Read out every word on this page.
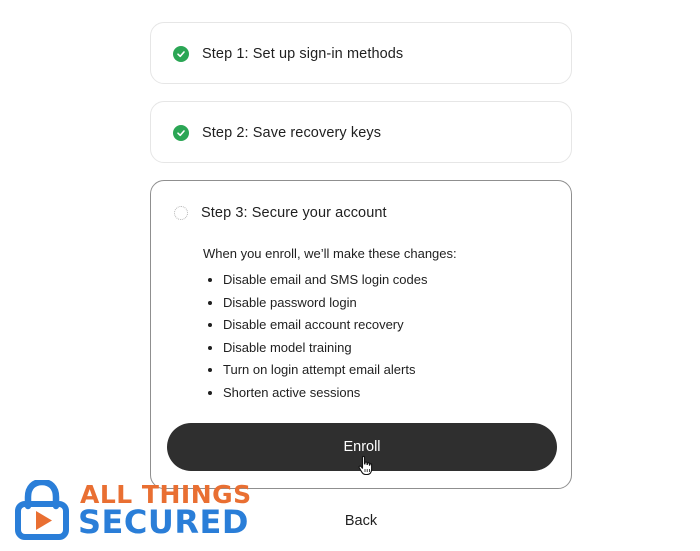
Step 1: Set up sign-in methods
Step 2: Save recovery keys
Step 3: Secure your account

When you enroll, we’ll make these changes:

• Disable email and SMS login codes
• Disable password login
• Disable email account recovery
• Disable model training
• Turn on login attempt email alerts
• Shorten active sessions
Enroll
Back
ALL THINGS
SECURED
